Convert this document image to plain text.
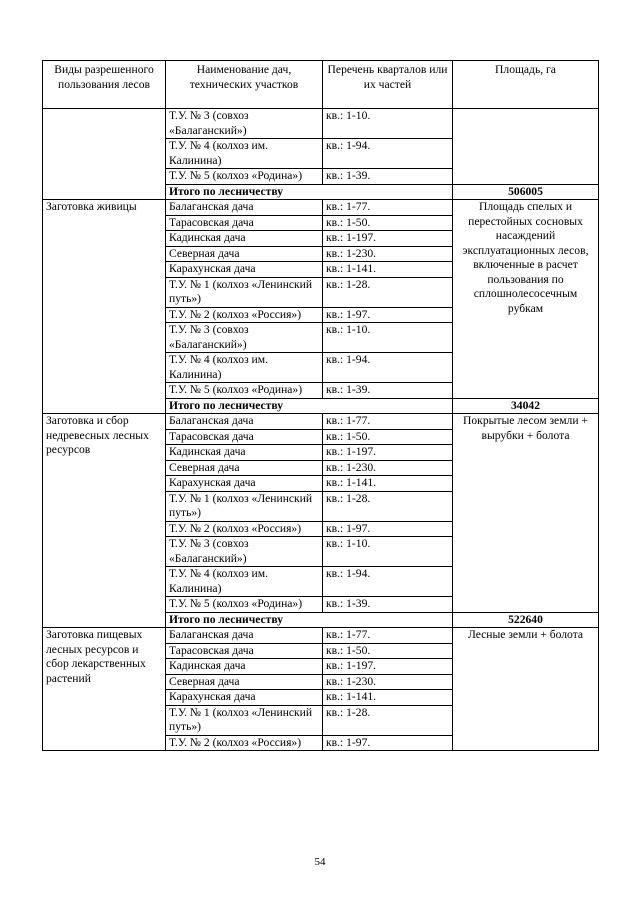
Виды разрешенного пользования лесов	Наименование дач, технических участков	Перечень кварталов или их частей	Площадь, га
	Т.У. № 3 (совхоз «Балаганский»)	кв.: 1-10.	
	Т.У. № 4 (колхоз им. Калинина)	кв.: 1-94.	
	Т.У. № 5 (колхоз «Родина»)	кв.: 1-39.	
	Итого по лесничеству		506005
Заготовка живицы	Балаганская дача	кв.: 1-77.	Площадь спелых и перестойных сосновых насаждений эксплуатационных лесов, включенные в расчет пользования по сплошнолесосечным рубкам
	Тарасовская дача	кв.: 1-50.	
	Кадинская дача	кв.: 1-197.	
	Северная дача	кв.: 1-230.	
	Карахунская дача	кв.: 1-141.	
	Т.У. № 1 (колхоз «Ленинский путь»)	кв.: 1-28.	
	Т.У. № 2 (колхоз «Россия»)	кв.: 1-97.	
	Т.У. № 3 (совхоз «Балаганский»)	кв.: 1-10.	
	Т.У. № 4 (колхоз им. Калинина)	кв.: 1-94.	
	Т.У. № 5 (колхоз «Родина»)	кв.: 1-39.	
	Итого по лесничеству		34042
Заготовка и сбор недревесных лесных ресурсов	Балаганская дача	кв.: 1-77.	Покрытые лесом земли + вырубки + болота
	Тарасовская дача	кв.: 1-50.	
	Кадинская дача	кв.: 1-197.	
	Северная дача	кв.: 1-230.	
	Карахунская дача	кв.: 1-141.	
	Т.У. № 1 (колхоз «Ленинский путь»)	кв.: 1-28.	
	Т.У. № 2 (колхоз «Россия»)	кв.: 1-97.	
	Т.У. № 3 (совхоз «Балаганский»)	кв.: 1-10.	
	Т.У. № 4 (колхоз им. Калинина)	кв.: 1-94.	
	Т.У. № 5 (колхоз «Родина»)	кв.: 1-39.	
	Итого по лесничеству		522640
Заготовка пищевых лесных ресурсов и сбор лекарственных растений	Балаганская дача	кв.: 1-77.	Лесные земли + болота
	Тарасовская дача	кв.: 1-50.	
	Кадинская дача	кв.: 1-197.	
	Северная дача	кв.: 1-230.	
	Карахунская дача	кв.: 1-141.	
	Т.У. № 1 (колхоз «Ленинский путь»)	кв.: 1-28.	
	Т.У. № 2 (колхоз «Россия»)	кв.: 1-97.	
54
